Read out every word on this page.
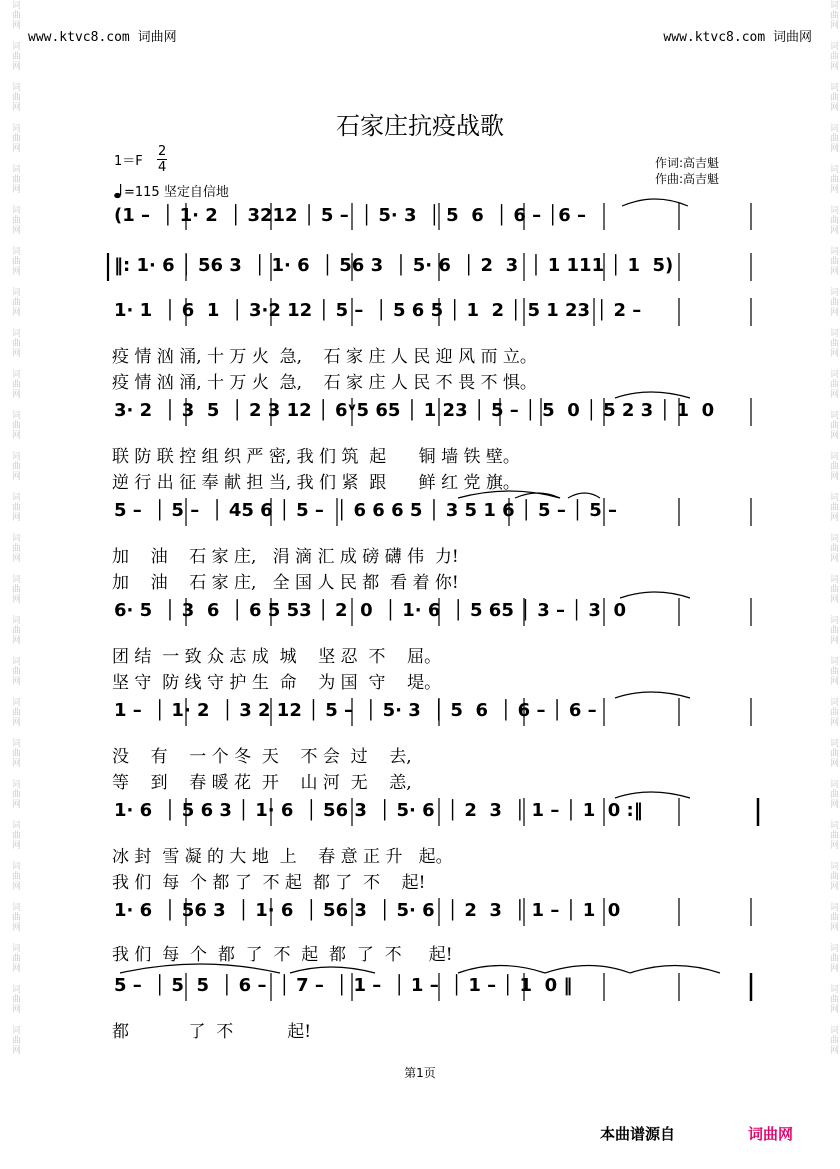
词曲网 词曲网 词曲网 词曲网 词曲网 词曲网 词曲网 词曲网 词曲网 词曲网 词曲网 词曲网 词曲网 词曲网 词曲网 词曲网 词曲网 词曲网 词曲网 词曲网 词曲网 词曲网 词曲网 词曲网 词曲网 词曲网	词曲网 词曲网 词曲网 词曲网 词曲网 词曲网 词曲网 词曲网 词曲网 词曲网 词曲网 词曲网 词曲网 词曲网 词曲网 词曲网 词曲网 词曲网 词曲网 词曲网 词曲网 词曲网 词曲网 词曲网 词曲网 词曲网
www.ktvc8.com 词曲网	www.ktvc8.com 词曲网
石家庄抗疫战歌
1＝F
2
4
=115 坚定自信地
作词:高吉魁
作曲:高吉魁
(1 –  │ 1· 2  │ 3212 │ 5 –  │ 5· 3  │ 5  6  │ 6 – │6 –
‖: 1· 6 │ 56 3  │ 1· 6  │ 56 3  │ 5· 6  │ 2  3  │ 1 111 │ 1  5)
1· 1  │ 6  1  │ 3·2 12 │ 5 –  │ 5 6 5 │ 1  2 │ 5 1 23 │ 2 –
疫 情 汹 涌, 十 万 火  急,    石 家 庄 人 民 迎 风 而 立。
疫 情 汹 涌, 十 万 火  急,    石 家 庄 人 民 不 畏 不 惧。
3· 2  │ 3  5  │ 2 3 12 │ 6ᵛ5 65 │ 1 23 │ 5 – │ 5  0 │ 5 2 3 │ 1  0
联 防 联 控 组 织 严 密, 我 们 筑  起      铜 墙 铁 壁。
逆 行 出 征 奉 献 担 当, 我 们 紧  跟      鲜 红 党 旗。
5 –  │ 5 –  │ 45 6 │ 5 –  │ 6 6 6 5 │ 3 5 1 6 │ 5 – │ 5 –
加    油    石 家 庄,   涓 滴 汇 成 磅 礴 伟  力!
加    油    石 家 庄,   全 国 人 民 都  看 着 你!
6· 5  │ 3  6  │ 6 5 53 │ 2  0  │ 1· 6  │ 5 65 │ 3 – │ 3  0
团 结  一 致 众 志 成  城    坚 忍  不    屈。
坚 守  防 线 守 护 生  命    为 国  守    堤。
1 –  │ 1· 2  │ 3 2 12 │ 5 –  │ 5· 3  │ 5  6  │ 6 – │ 6 –
没    有    一 个 冬  天    不 会  过    去,
等    到    春 暖 花  开    山 河  无    恙,
1· 6  │ 5 6 3 │ 1· 6  │ 56 3  │ 5· 6  │ 2  3  │ 1 – │ 1  0 :‖
冰 封  雪 凝 的 大 地  上    春 意 正 升   起。
我 们  每  个 都 了  不 起  都 了  不    起!
1· 6  │ 56 3  │ 1· 6  │ 56 3  │ 5· 6  │ 2  3  │ 1 – │ 1  0
我 们  每  个  都  了  不  起  都  了  不     起!
5 –  │ 5  5  │ 6 –  │ 7 –  │ 1 –  │ 1 –  │ 1 – │ 1  0 ‖
都           了  不          起!
第1页
本曲谱源自	词曲网
